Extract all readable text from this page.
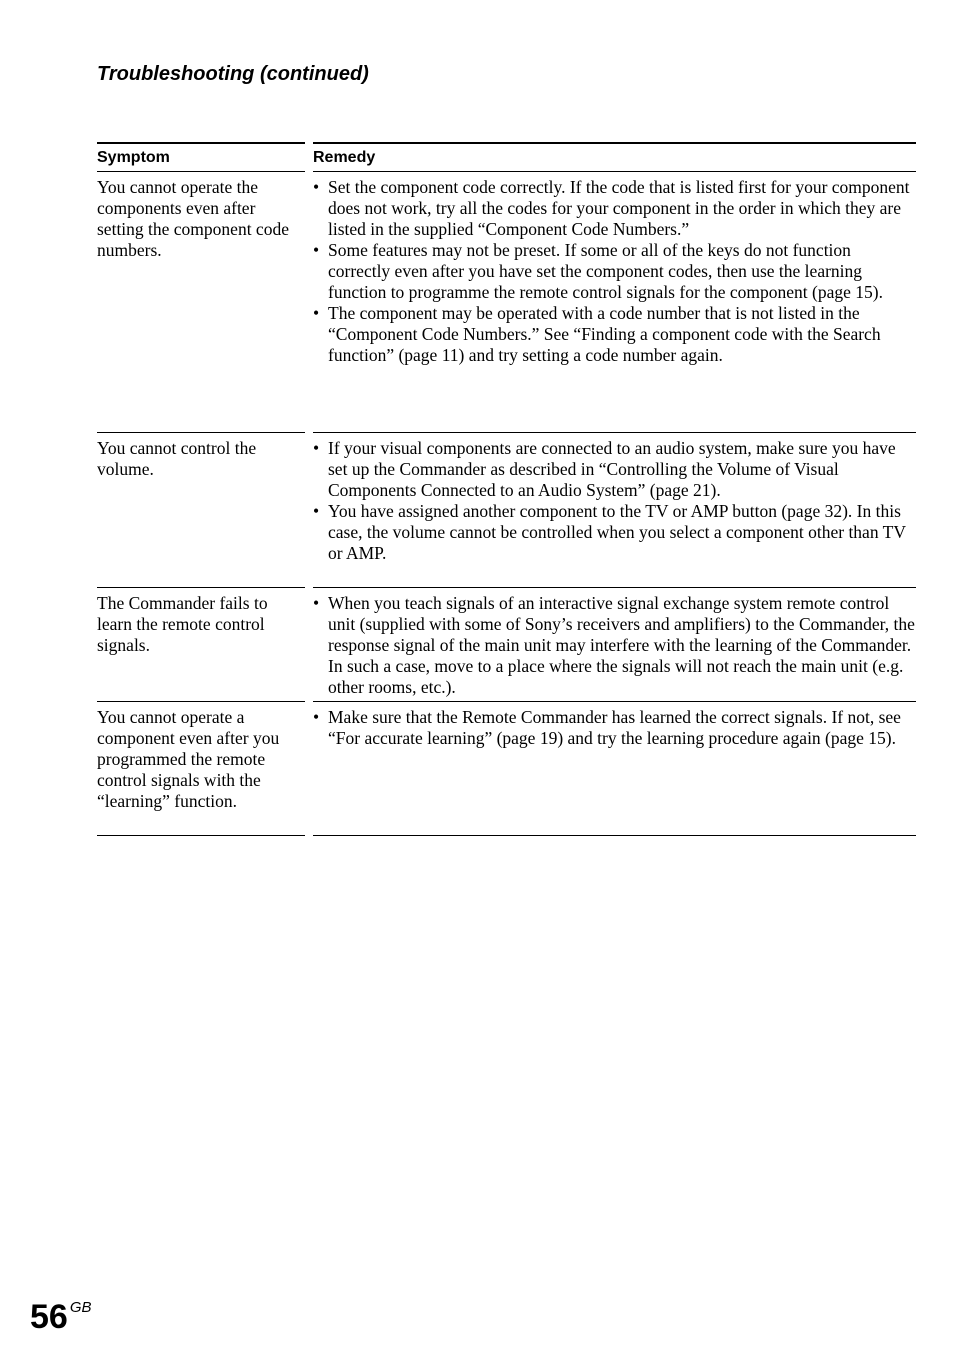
Troubleshooting (continued)
Symptom	Remedy
You cannot operate the components even after setting the component code numbers.
• Set the component code correctly. If the code that is listed first for your component does not work, try all the codes for your component in the order in which they are listed in the supplied “Component Code Numbers.”
• Some features may not be preset. If some or all of the keys do not function correctly even after you have set the component codes, then use the learning function to programme the remote control signals for the component (page 15).
• The component may be operated with a code number that is not listed in the “Component Code Numbers.” See “Finding a component code with the Search function” (page 11) and try setting a code number again.
You cannot control the volume.
• If your visual components are connected to an audio system, make sure you have set up the Commander as described in “Controlling the Volume of Visual Components Connected to an Audio System” (page 21).
• You have assigned another component to the TV or AMP button (page 32). In this case, the volume cannot be controlled when you select a component other than TV or AMP.
The Commander fails to learn the remote control signals.
• When you teach signals of an interactive signal exchange system remote control unit (supplied with some of Sony’s receivers and amplifiers) to the Commander, the response signal of the main unit may interfere with the learning of the Commander. In such a case, move to a place where the signals will not reach the main unit (e.g. other rooms, etc.).
You cannot operate a component even after you programmed the remote control signals with the “learning” function.
• Make sure that the Remote Commander has learned the correct signals. If not, see “For accurate learning” (page 19) and try the learning procedure again (page 15).
56 $^{GB}$
